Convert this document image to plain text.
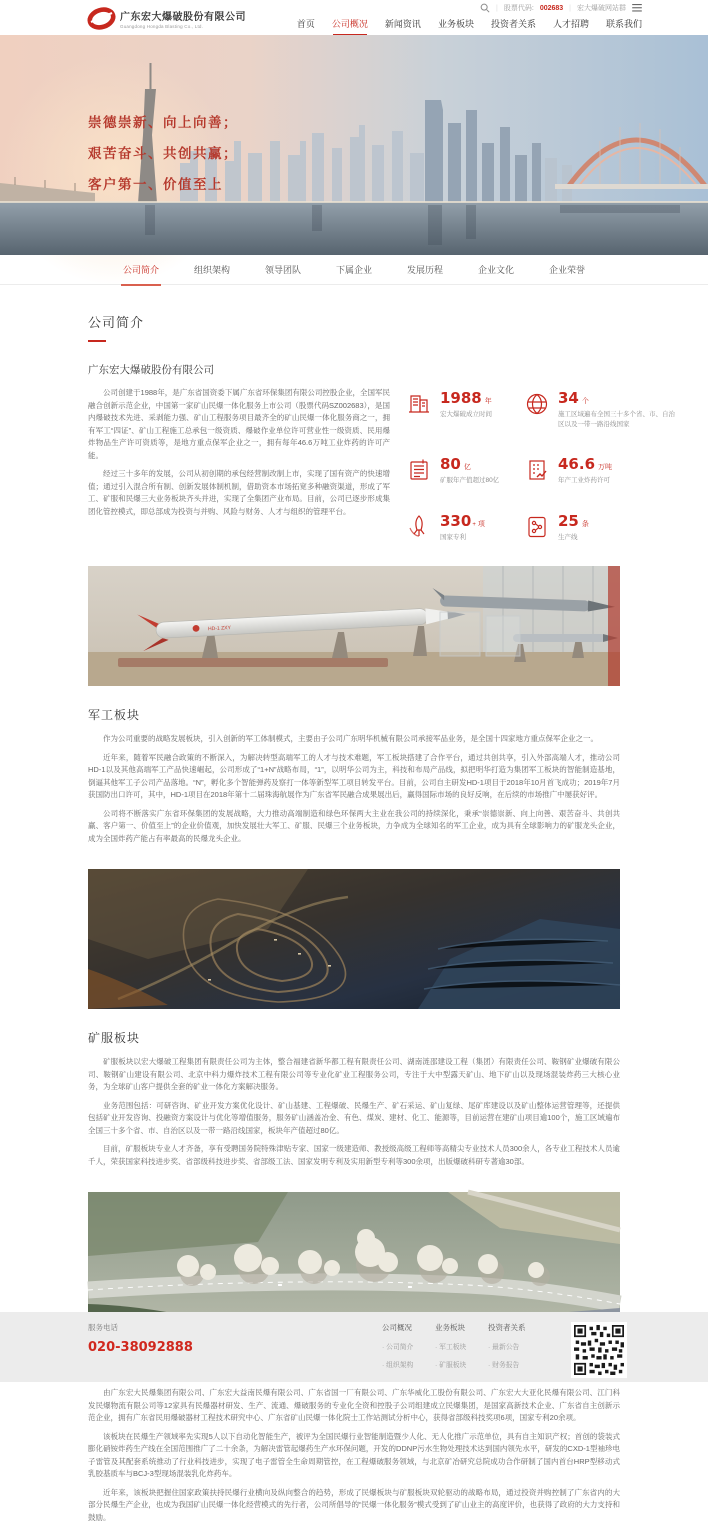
广东宏大爆破股份有限公司
Guangdong Hongda Blasting Co., Ltd.
| 股票代码: 002683 | 宏大爆破网站群
首页 公司概况 新闻资讯 业务板块 投资者关系 人才招聘 联系我们
崇德崇新、向上向善；
艰苦奋斗、共创共赢；
客户第一、价值至上
公司简介	组织架构	领导团队	下属企业	发展历程	企业文化	企业荣誉
公司简介
广东宏大爆破股份有限公司

公司创建于1988年，是广东省国资委下属广东省环保集团有限公司控股企业，全国军民融合创新示范企业，中国第一家矿山民爆一体化服务上市公司（股票代码SZ002683），是国内爆破技术先进、采剥能力强、矿山工程服务项目最齐全的矿山民爆一体化服务商之一，拥有军工“四证”、矿山工程施工总承包一级资质、爆破作业单位许可营业性一级资质、民用爆炸物品生产许可资质等，是地方重点保军企业之一，拥有每年46.6万吨工业炸药的许可产能。

经过三十多年的发展，公司从初创期的承包经营制改制上市，实现了国有资产的快速增值；通过引入混合所有制、创新发展体制机制，借助资本市场拓宽多种融资渠道，形成了军工、矿服和民爆三大业务板块齐头并进，实现了全集团产业布局。目前，公司已逐步形成集团化管控模式，即总部成为投资与并购、风险与财务、人才与组织的管理平台。

1988 年
宏大爆破成立时间
34 个
施工区域遍布全国三十多个省、市、自治区以及一带一路沿线国家
80 亿
矿服年产值超过80亿
46.6 万吨
年产工业炸药许可
330 + 项
国家专利
25 条
生产线
HD-1 ZXY
军工板块

作为公司重要的战略发展板块，引入创新的军工体制模式，主要由子公司广东明华机械有限公司承接军品业务，是全国十四家地方重点保军企业之一。

近年来，随着军民融合政策的不断深入，为解决转型高端军工的人才与技术难题，军工板块搭建了合作平台，通过共创共享，引入外部高端人才，推动公司HD-1以及其他高端军工产品快速崛起，公司形成了“1+N”战略布局，“1”，以明华公司为主，科技和布局产品线，拟把明华打造为集团军工板块的智能制造基地，倒逼其他军工子公司产品落地。“N”，孵化多个智能弹药及察打一体等新型军工项目转发平台。目前，公司自主研发HD-1项目于2018年10月首飞成功；2019年7月获国防出口许可，其中，HD-1项目在2018年第十二届珠海航展作为广东省军民融合成果展出后，赢得国际市场的良好反响，在后续的市场推广中屡获好评。

公司将不断落实广东省环保集团的发展战略，大力推动高端制造和绿色环保两大主业在我公司的持续深化，秉承“崇德崇新、向上向善、艰苦奋斗、共创共赢、客户第一、价值至上”的企业价值观，加快发展壮大军工、矿服、民爆三个业务板块，力争成为全球知名的军工企业，成为具有全球影响力的矿服龙头企业，成为全国炸药产能占有率最高的民爆龙头企业。

矿服板块

矿服板块以宏大爆破工程集团有限责任公司为主体，整合福建省新华都工程有限责任公司、湖南涟邵建设工程（集团）有限责任公司、鞍钢矿业爆破有限公司、鞍钢矿山建设有限公司、北京中科力爆炸技术工程有限公司等专业化矿业工程服务公司，专注于大中型露天矿山、地下矿山以及现场混装炸药三大核心业务，为全球矿山客户提供全套的矿业一体化方案解决服务。

业务范围包括：可研咨询、矿业开发方案优化设计、矿山基建、工程爆破、民爆生产、矿石采运、矿山复绿、尾矿库建设以及矿山整体运营管理等，还提供包括矿业开发咨询、投融资方案设计与优化等增值服务，服务矿山涵盖冶金、有色、煤炭、建材、化工、能源等，目前运营在建矿山项目逾100个，施工区域遍布全国三十多个省、市、自治区以及一带一路沿线国家，板块年产值超过80亿。

目前，矿服板块专业人才齐备，享有受聘国务院特殊津贴专家、国家一级建造师、教授级高级工程师等高精尖专业技术人员300余人，各专业工程技术人员逾千人，荣获国家科技进步奖、省部级科技进步奖、省部级工法、国家发明专利及实用新型专利等300余项，出版爆破科研专著逾30部。

由广东宏大民爆集团有限公司、广东宏大益南民爆有限公司、广东省国一厂有限公司、广东华威化工股份有限公司、广东宏大大亚化民爆有限公司、江门科发民爆物流有限公司等12家具有民爆器材研发、生产、流通、爆破服务的专业化全资和控股子公司组建成立民爆集团，是国家高新技术企业、广东省自主创新示范企业，拥有广东省民用爆破器材工程技术研究中心、广东省矿山民爆一体化院士工作站测试分析中心，获得省部级科技奖项6项，国家专利20余项。

该板块在民爆生产领域率先实现5人以下自动化智能生产，被评为全国民爆行业智能制造暨少人化、无人化推广示范单位，具有自主知识产权；首创的袋装式膨化硝铵炸药生产线在全国范围推广了二十余条，为解决雷管起爆药生产水环保问题，开发的DDNP污水生物处理技术达到国内领先水平，研发的CXD-1型袖珍电子雷管及其配套系统推动了行业科技进步，实现了电子雷管全生命周期管控，在工程爆破服务领域，与北京矿冶研究总院成功合作研制了国内首台HRP型移动式乳胶基质车与BCJ-3型现场混装乳化炸药车。

近年来，该板块把握住国家政策扶持民爆行业横向及纵向整合的趋势，形成了民爆板块与矿服板块双轮驱动的战略布局，通过投资并购控制了广东省内的大部分民爆生产企业，也成为我国矿山民爆一体化经营模式的先行者，公司所倡导的“民爆一体化服务”模式受到了矿山业主的高度评价，也获得了政府的大力支持和鼓励。

服务电话
020-38092888
公司概况
· 公司简介
· 组织架构
业务板块
· 军工板块
· 矿服板块
投资者关系
· 最新公告
· 财务报告
